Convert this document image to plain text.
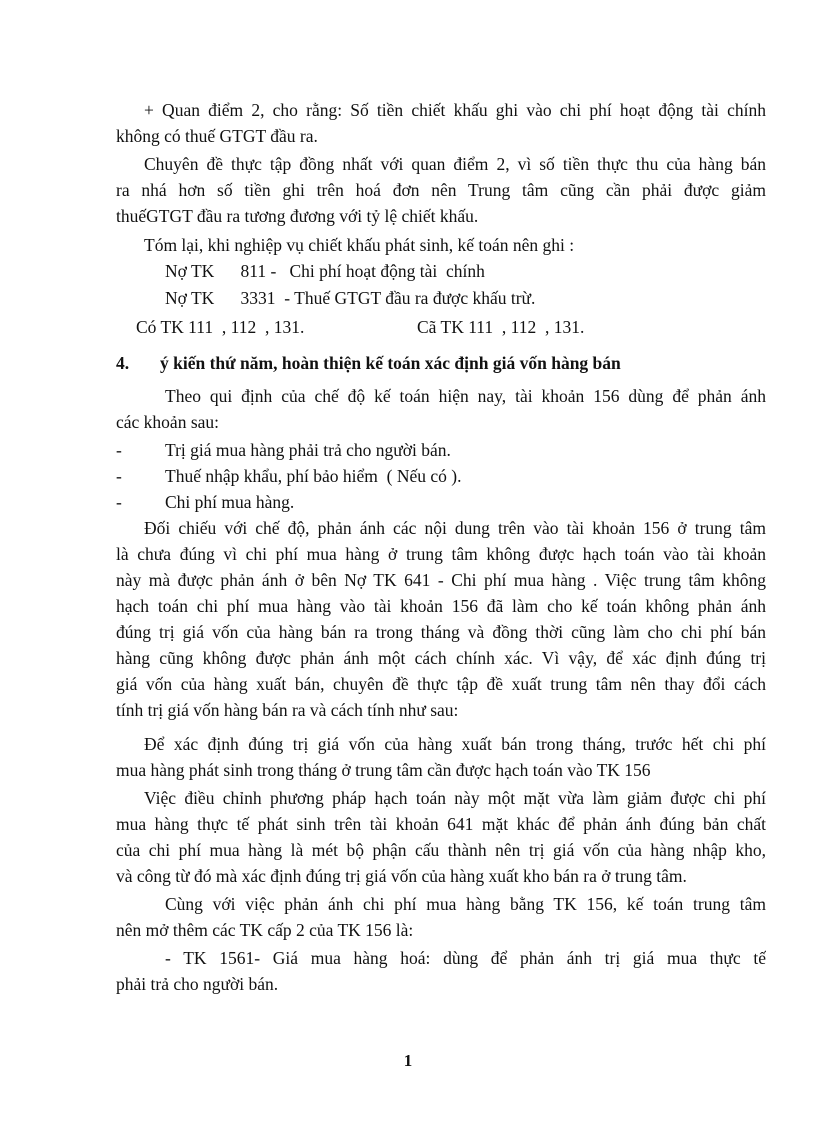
+ Quan điểm 2, cho rằng: Số tiền chiết khấu ghi vào chi phí hoạt động tài chính
không có thuế GTGT đầu ra.
Chuyên đề thực tập đồng nhất với quan điểm 2, vì số tiền thực thu của hàng bán
ra nhá hơn số tiền ghi trên hoá đơn nên Trung tâm cũng cần phải được giảm
thuếGTGT đầu ra tương đương với tỷ lệ chiết khấu.
Tóm lại, khi nghiệp vụ chiết khấu phát sinh, kế toán nên ghi :
Nợ TK      811 -   Chi phí hoạt động tài  chính
Nợ TK      3331  - Thuế GTGT đầu ra được khấu trừ.
Có TK 111  , 112  , 131.	Cã TK 111  , 112  , 131.
4.	ý kiến thứ năm, hoàn thiện kế toán xác định giá vốn hàng bán
Theo qui định của chế độ kế toán hiện nay, tài khoản 156 dùng để phản ánh
các khoản sau:
-	Trị giá mua hàng phải trả cho người bán.
-	Thuế nhập khẩu, phí bảo hiểm  ( Nếu có ).
-	Chi phí mua hàng.
Đối chiếu với chế độ, phản ánh các nội dung trên vào tài khoản 156 ở trung tâm
là chưa đúng vì chi phí mua hàng ở trung tâm không được hạch toán vào tài khoản
này mà được phản ánh ở bên Nợ TK 641 - Chi phí mua hàng . Việc trung tâm không
hạch toán chi phí mua hàng vào tài khoản 156 đã làm cho kế toán không phản ánh
đúng trị giá vốn của hàng bán ra trong tháng và đồng thời cũng làm cho chi phí bán
hàng cũng không được phản ánh một cách chính xác. Vì vậy, để xác định đúng trị
giá vốn của hàng xuất bán, chuyên đề thực tập đề xuất trung tâm nên thay đổi cách
tính trị giá vốn hàng bán ra và cách tính như sau:
Để xác định đúng trị giá vốn của hàng xuất bán trong tháng, trước hết chi phí
mua hàng phát sinh trong tháng ở trung tâm cần được hạch toán vào TK 156
Việc điều chỉnh phương pháp hạch toán này một mặt vừa làm giảm được chi phí
mua hàng thực tế phát sinh trên tài khoản 641 mặt khác để phản ánh đúng bản chất
của chi phí mua hàng là mét bộ phận cấu thành nên trị giá vốn của hàng nhập kho,
và công từ đó mà xác định đúng trị giá vốn của hàng xuất kho bán ra ở trung tâm.
Cùng với việc phản ánh chi phí mua hàng bằng TK 156, kế toán trung tâm
nên mở thêm các TK cấp 2 của TK 156 là:
- TK 1561- Giá mua hàng hoá: dùng để phản ánh trị giá mua thực tế
phải trả cho người bán.
1
